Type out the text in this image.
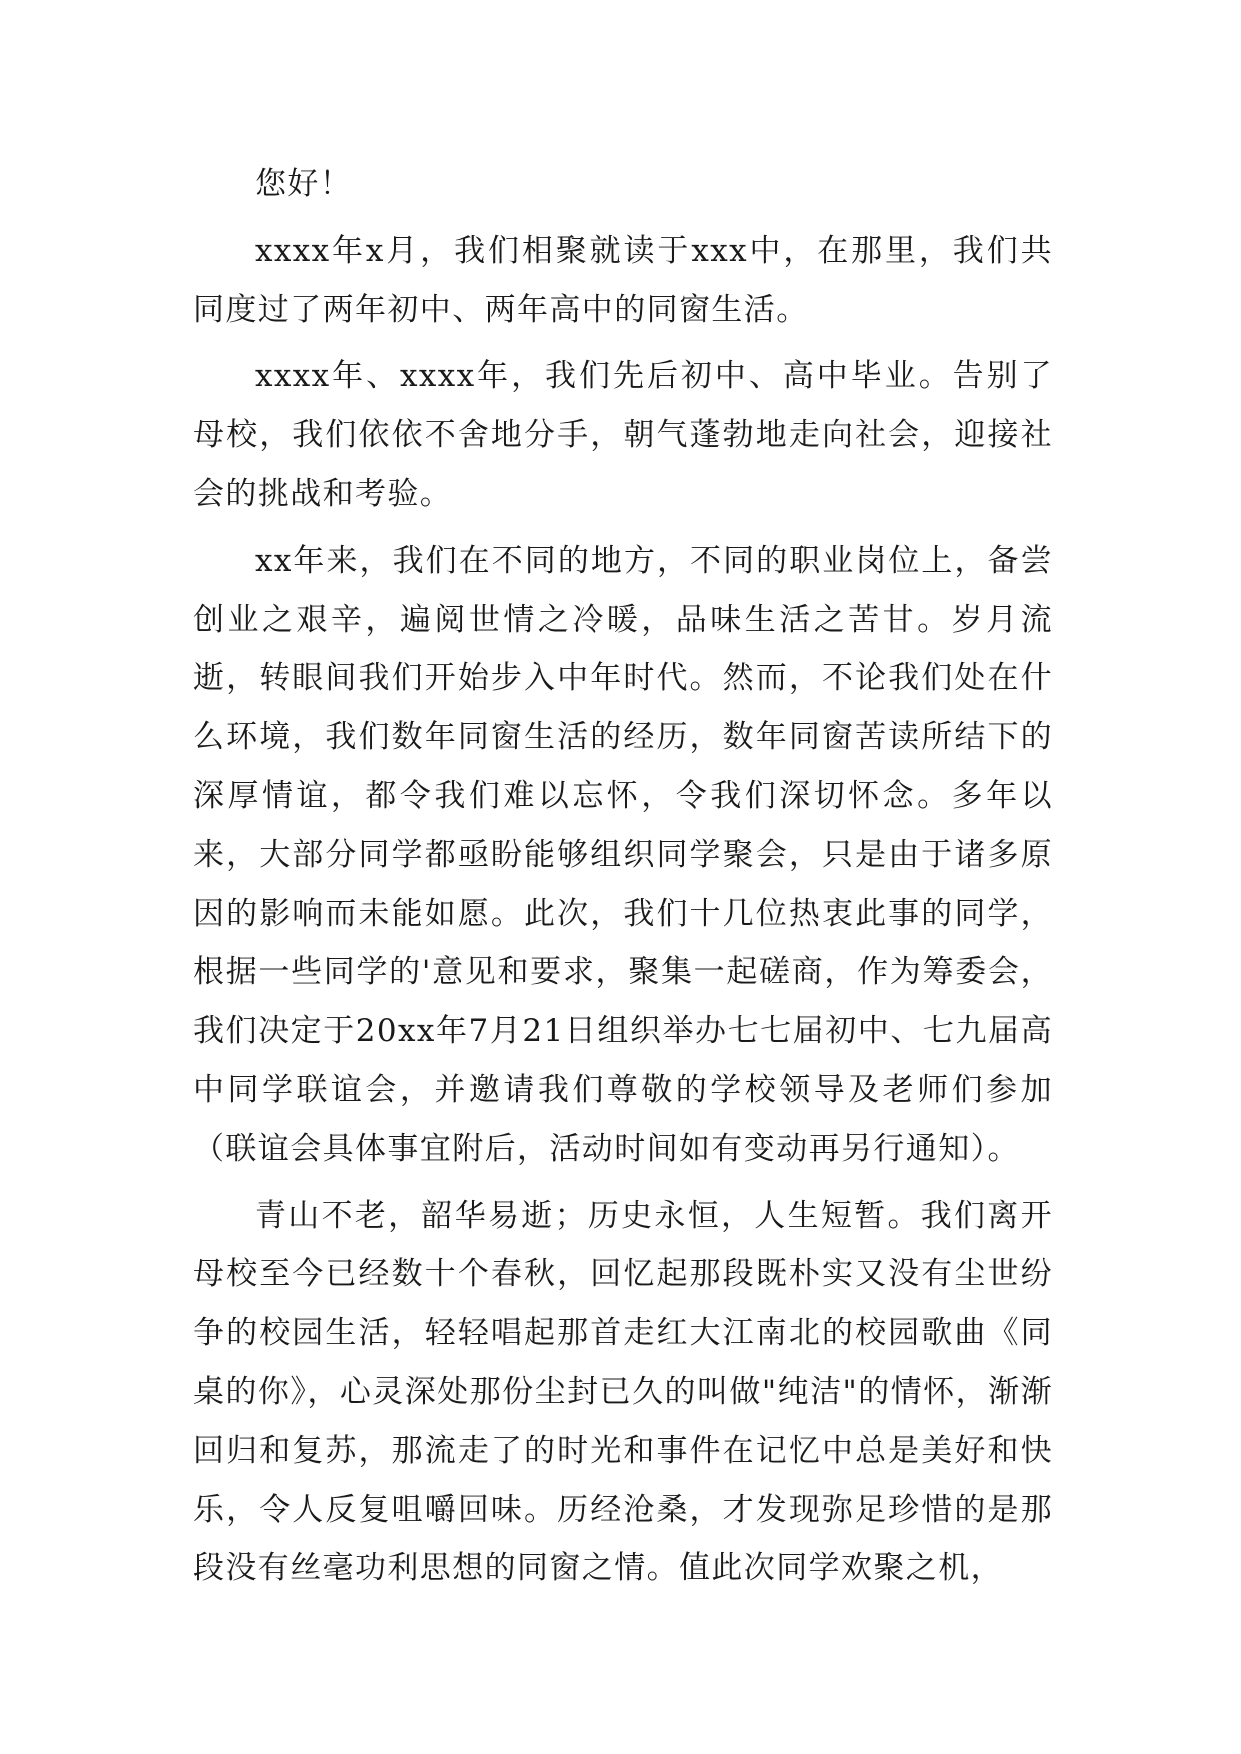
您好！

xxxx年x月，我们相聚就读于xxx中，在那里，我们共同度过了两年初中、两年高中的同窗生活。

xxxx年、xxxx年，我们先后初中、高中毕业。告别了母校，我们依依不舍地分手，朝气蓬勃地走向社会，迎接社会的挑战和考验。

xx年来，我们在不同的地方，不同的职业岗位上，备尝创业之艰辛，遍阅世情之冷暖，品味生活之苦甘。岁月流逝，转眼间我们开始步入中年时代。然而，不论我们处在什么环境，我们数年同窗生活的经历，数年同窗苦读所结下的深厚情谊，都令我们难以忘怀，令我们深切怀念。多年以来，大部分同学都亟盼能够组织同学聚会，只是由于诸多原因的影响而未能如愿。此次，我们十几位热衷此事的同学，根据一些同学的'意见和要求，聚集一起磋商，作为筹委会，我们决定于20xx年7月21日组织举办七七届初中、七九届高中同学联谊会，并邀请我们尊敬的学校领导及老师们参加（联谊会具体事宜附后，活动时间如有变动再另行通知）。

青山不老，韶华易逝；历史永恒，人生短暂。我们离开母校至今已经数十个春秋，回忆起那段既朴实又没有尘世纷争的校园生活，轻轻唱起那首走红大江南北的校园歌曲《同桌的你》，心灵深处那份尘封已久的叫做"纯洁"的情怀，渐渐回归和复苏，那流走了的时光和事件在记忆中总是美好和快乐，令人反复咀嚼回味。历经沧桑，才发现弥足珍惜的是那段没有丝毫功利思想的同窗之情。值此次同学欢聚之机，
